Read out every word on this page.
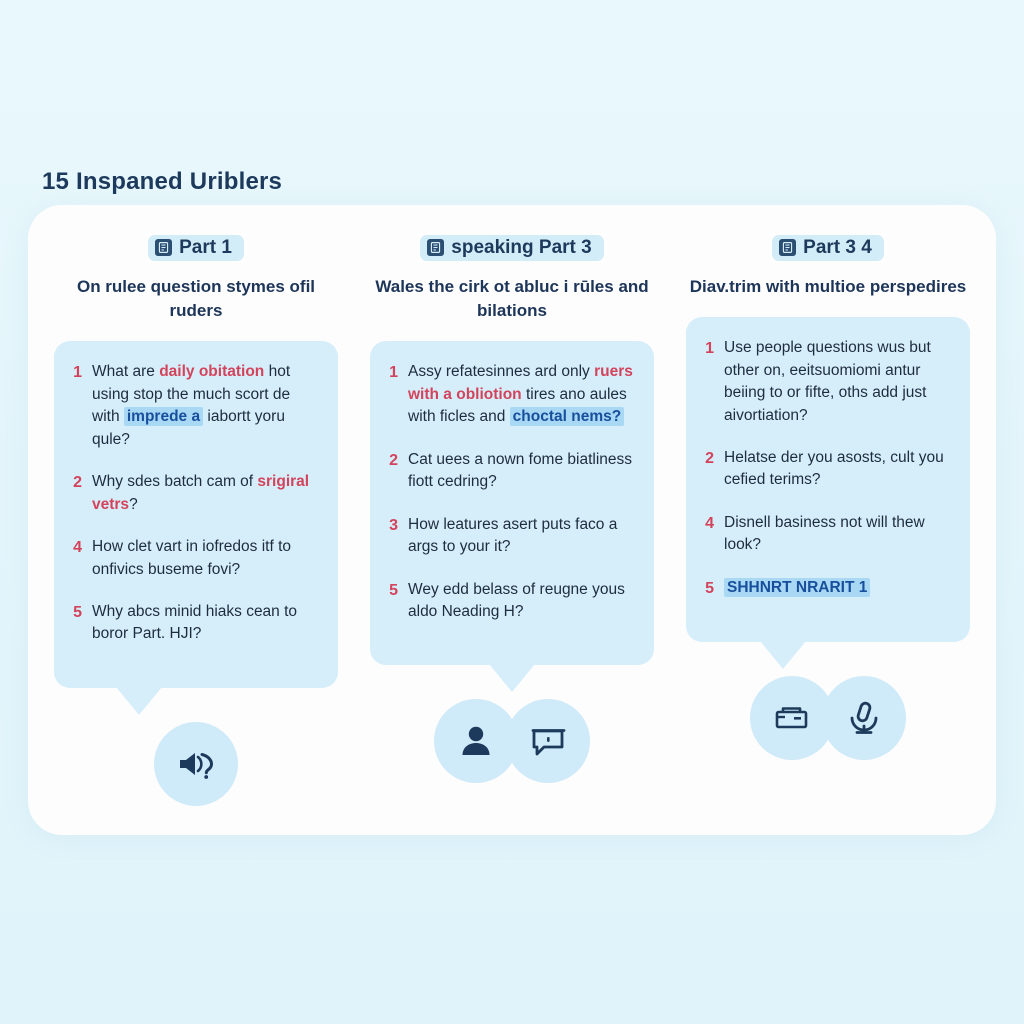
15 Inspaned Uriblers
Part 1
On rulee question stymes ofil ruders
1 What are daily obitation hot using stop the much scort de with imprede a iabortt yoru qule?
2 Why sdes batch cam of srigiral vetrs?
4 How clet vart in iofredos itf to onfivics buseme fovi?
5 Why abcs minid hiaks cean to boror Part. HJI?
speaking Part 3
Wales the cirk ot abluc i rūles and bilations
1 Assy refatesinnes ard only ruers with a obliotion tires ano aules with ficles and choctal nems?
2 Cat uees a nown fome biatliness fiott cedring?
3 How leatures asert puts faco a args to your it?
5 Wey edd belass of reugne yous aldo Neading H?
Part 3 4
Diav.trim with multioe perspedires
1 Use people questions wus but other on, eeitsuomiomi antur beiing to or fifte, oths add just aivortiation?
2 Helatse der you asosts, cult you cefied terims?
4 Disnell basiness not will thew look?
5 SHHNRT NRARIT 1
